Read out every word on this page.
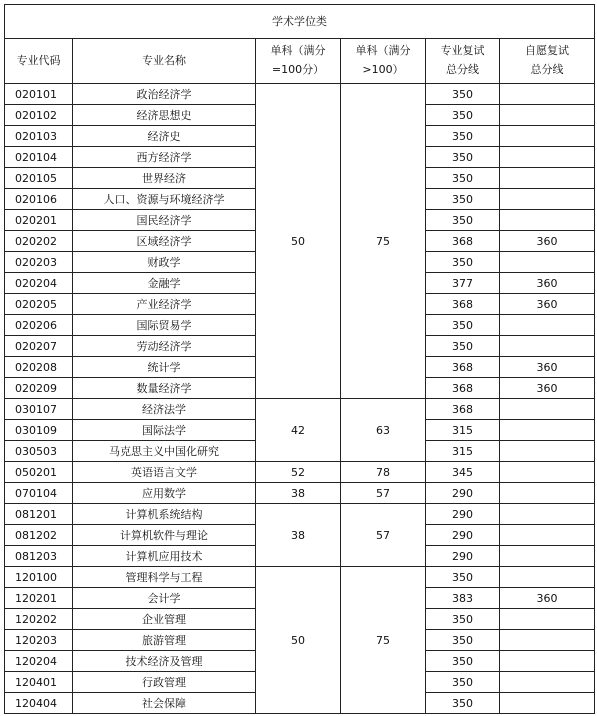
学术学位类					
专业代码	专业名称	单科（满分=100分）	单科（满分>100）	专业复试总分线	自愿复试总分线
020101	政治经济学	50	75	350	
020102	经济思想史			350	
020103	经济史			350	
020104	西方经济学			350	
020105	世界经济			350	
020106	人口、资源与环境经济学			350	
020201	国民经济学			350	
020202	区域经济学			368	360
020203	财政学			350	
020204	金融学			377	360
020205	产业经济学			368	360
020206	国际贸易学			350	
020207	劳动经济学			350	
020208	统计学			368	360
020209	数量经济学			368	360
030107	经济法学	42	63	368	
030109	国际法学			315	
030503	马克思主义中国化研究			315	
050201	英语语言文学	52	78	345	
070104	应用数学	38	57	290	
081201	计算机系统结构	38	57	290	
081202	计算机软件与理论			290	
081203	计算机应用技术			290	
120100	管理科学与工程	50	75	350	
120201	会计学			383	360
120202	企业管理			350	
120203	旅游管理			350	
120204	技术经济及管理			350	
120401	行政管理			350	
120404	社会保障			350	
